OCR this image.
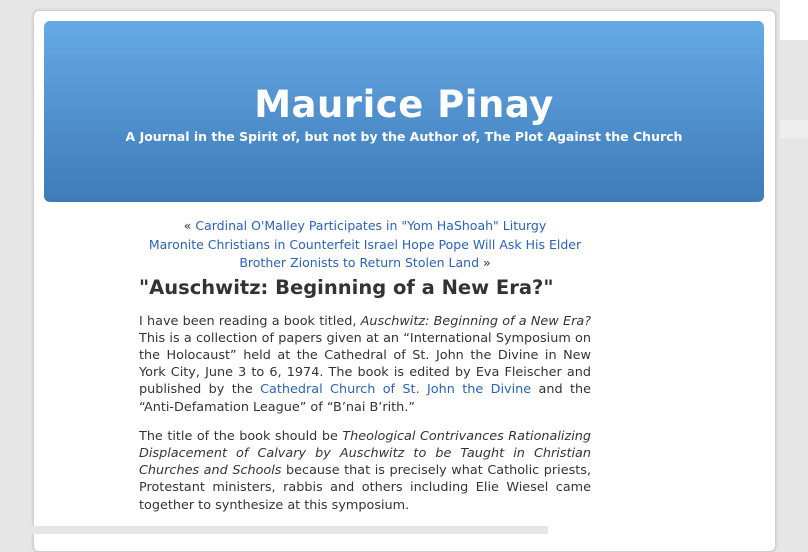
Maurice Pinay
A Journal in the Spirit of, but not by the Author of, The Plot Against the Church
« Cardinal O'Malley Participates in "Yom HaShoah" Liturgy
Maronite Christians in Counterfeit Israel Hope Pope Will Ask His Elder
Brother Zionists to Return Stolen Land »
"Auschwitz: Beginning of a New Era?"

I have been reading a book titled, Auschwitz: Beginning of a New Era? This is a collection of papers given at an “International Symposium on the Holocaust” held at the Cathedral of St. John the Divine in New York City, June 3 to 6, 1974. The book is edited by Eva Fleischer and published by the Cathedral Church of St. John the Divine and the “Anti-Defamation League” of “B’nai B’rith.”

The title of the book should be Theological Contrivances Rationalizing Displacement of Calvary by Auschwitz to be Taught in Christian Churches and Schools because that is precisely what Catholic priests, Protestant ministers, rabbis and others including Elie Wiesel came together to synthesize at this symposium.
